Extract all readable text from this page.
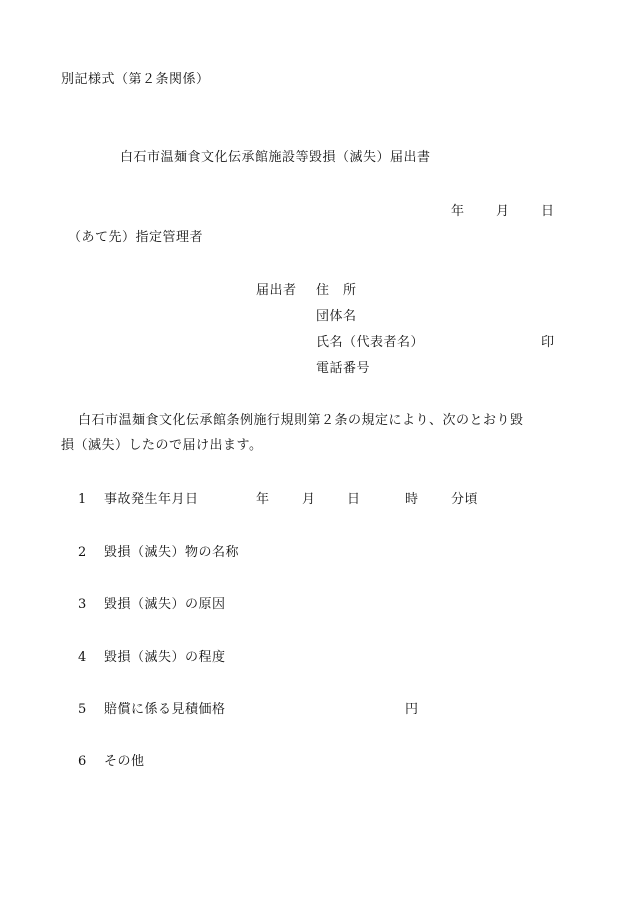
別記様式（第２条関係）
白石市温麺食文化伝承館施設等毀損（滅失）届出書
年 月 日
（あて先）指定管理者
届出者 住　所
団体名
氏名（代表者名）	印
電話番号
白石市温麺食文化伝承館条例施行規則第２条の規定により、次のとおり毀
損（滅失）したので届け出ます。
1 事故発生年月日	年 月 日	時 分頃
2 毀損（滅失）物の名称
3 毀損（滅失）の原因
4 毀損（滅失）の程度
5 賠償に係る見積価格	円
6 その他
